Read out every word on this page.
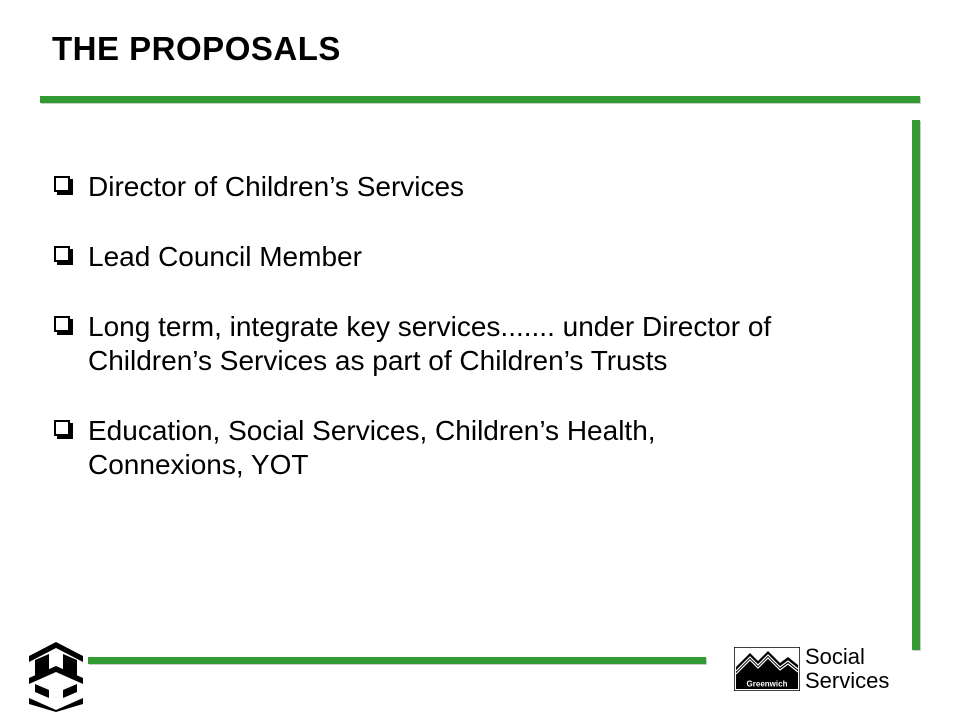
THE PROPOSALS
Director of Children’s Services
Lead Council Member
Long term, integrate key services....... under Director of Children’s Services as part of Children’s Trusts
Education, Social Services, Children’s Health, Connexions, YOT
Greenwich
Social
Services
